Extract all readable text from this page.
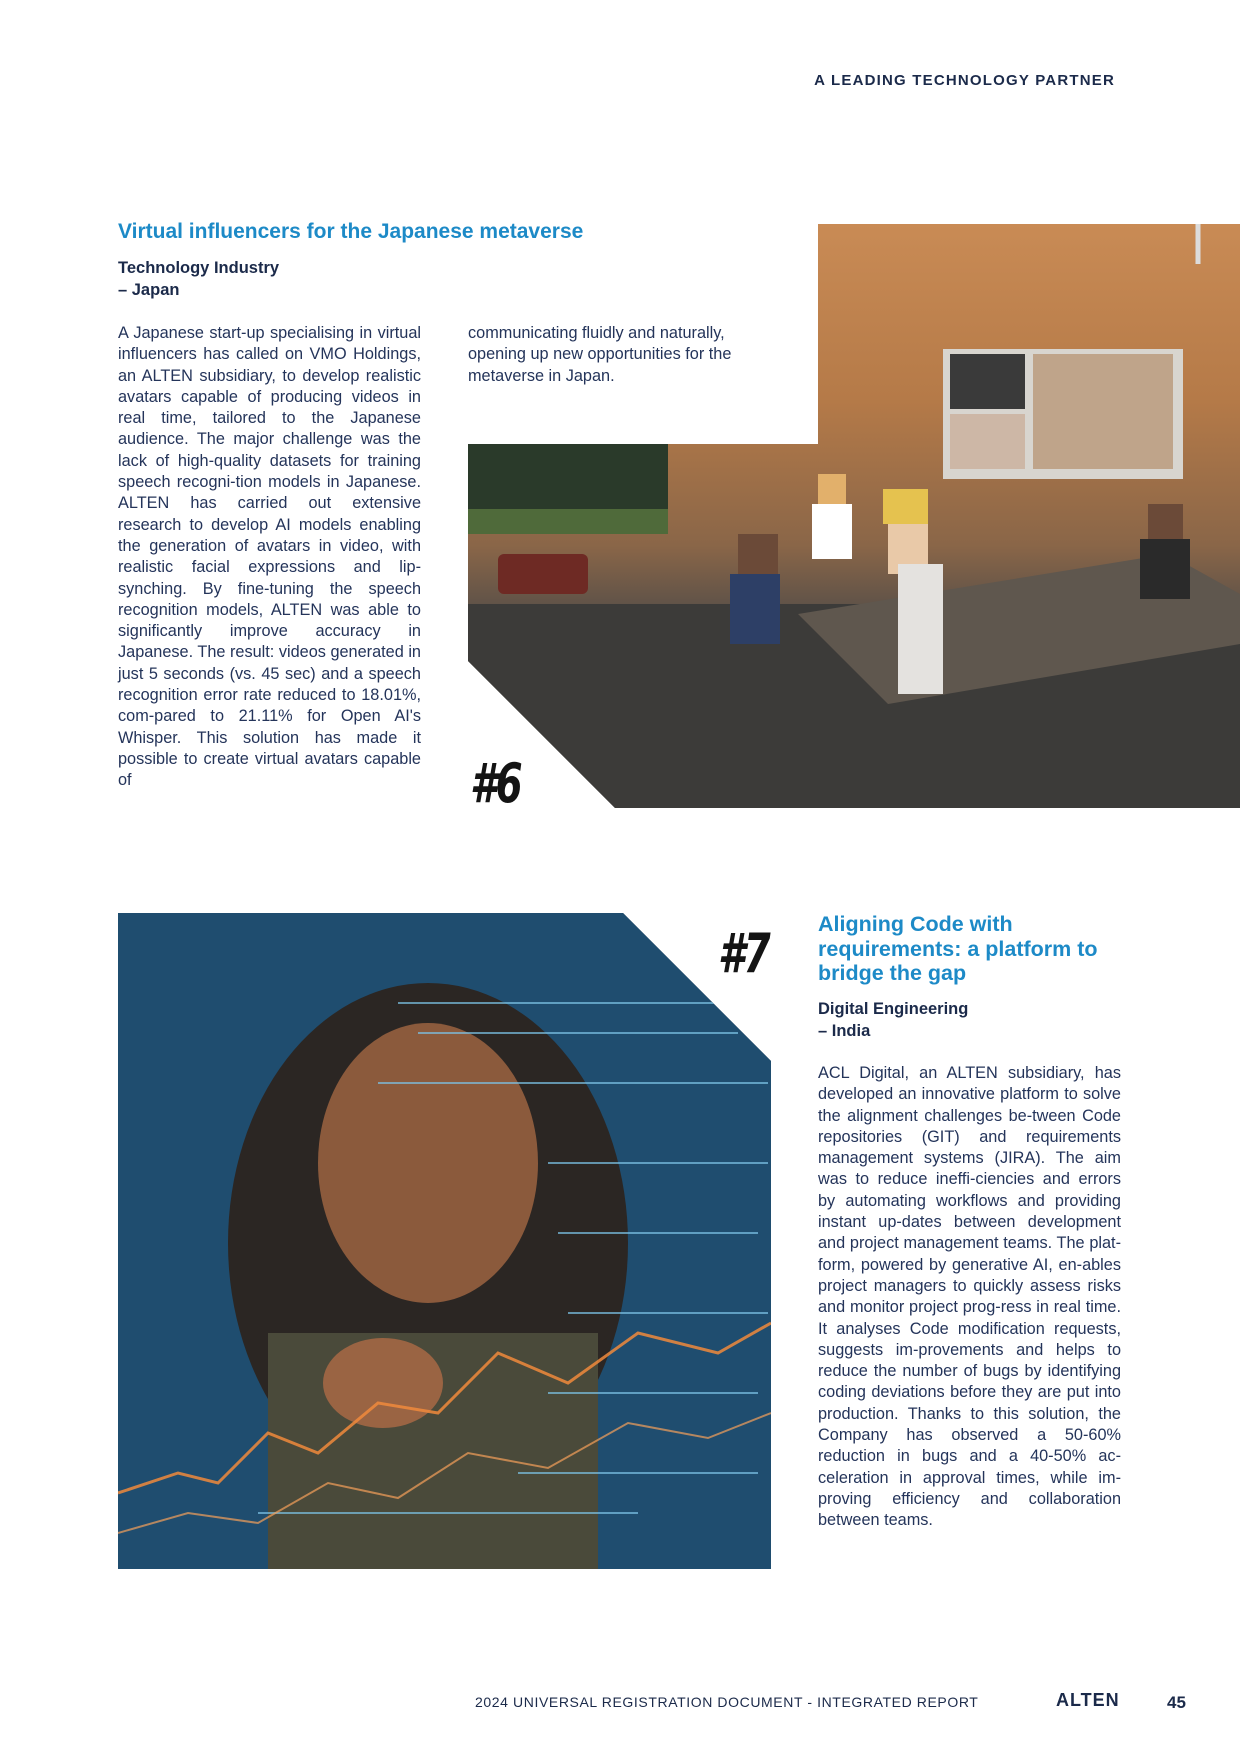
A LEADING TECHNOLOGY PARTNER
Virtual influencers for the Japanese metaverse
Technology Industry
– Japan

A Japanese start-up specialising in virtual influencers has called on VMO Holdings, an ALTEN subsidiary, to develop realistic avatars capable of producing videos in real time, tailored to the Japanese audience. The major challenge was the lack of high-quality datasets for training speech recogni-tion models in Japanese. ALTEN has carried out extensive research to develop AI models enabling the generation of avatars in video, with realistic facial expressions and lip-synching. By fine-tuning the speech recognition models, ALTEN was able to significantly improve accuracy in Japanese. The result: videos generated in just 5 seconds (vs. 45 sec) and a speech recognition error rate reduced to 18.01%, com-pared to 21.11% for Open AI's Whisper. This solution has made it possible to create virtual avatars capable of

communicating fluidly and naturally, opening up new opportunities for the metaverse in Japan.

#6
#7 Aligning Code with requirements: a platform to bridge the gap
Digital Engineering
– India

ACL Digital, an ALTEN subsidiary, has developed an innovative platform to solve the alignment challenges be-tween Code repositories (GIT) and requirements management systems (JIRA). The aim was to reduce ineffi-ciencies and errors by automating workflows and providing instant up-dates between development and project management teams. The plat-form, powered by generative AI, en-ables project managers to quickly assess risks and monitor project prog-ress in real time. It analyses Code modification requests, suggests im-provements and helps to reduce the number of bugs by identifying coding deviations before they are put into production. Thanks to this solution, the Company has observed a 50-60% reduction in bugs and a 40-50% ac-celeration in approval times, while im-proving efficiency and collaboration between teams.

2024 UNIVERSAL REGISTRATION DOCUMENT - INTEGRATED REPORT	ALTEN	45
